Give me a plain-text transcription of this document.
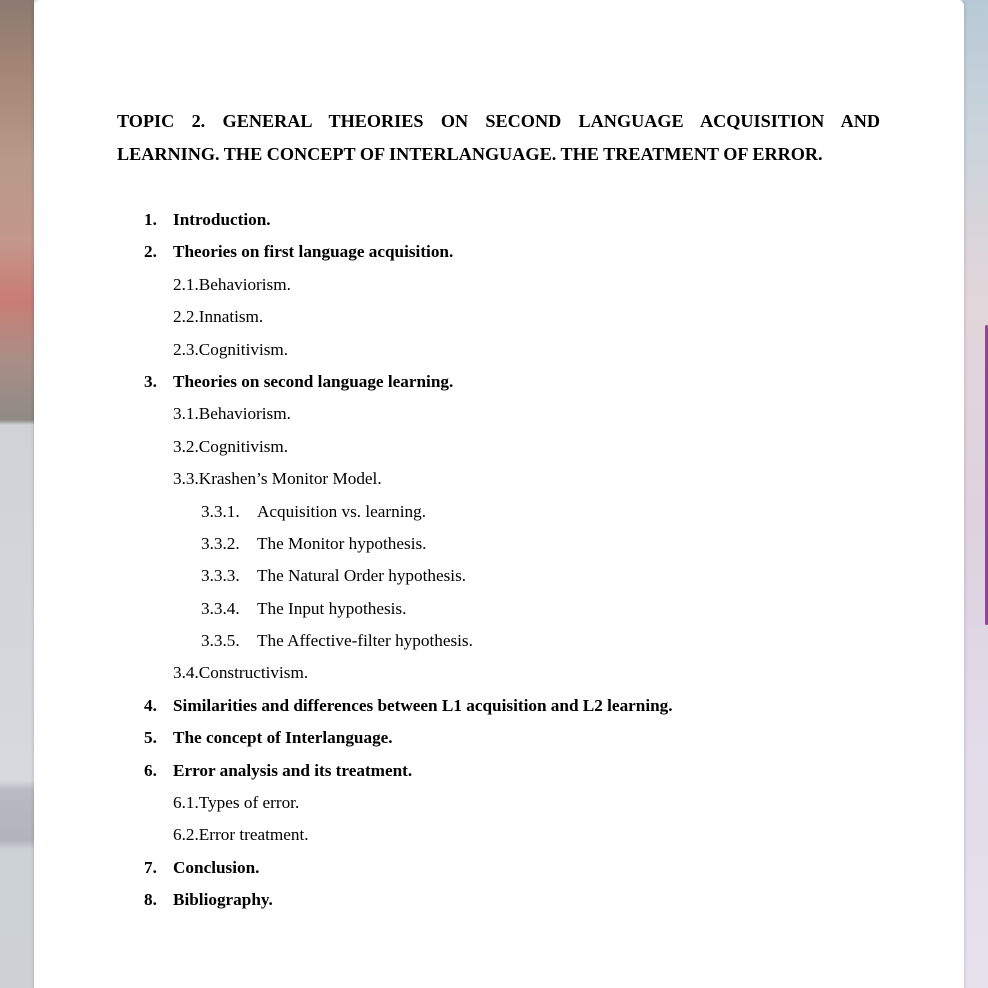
TOPIC 2. GENERAL THEORIES ON SECOND LANGUAGE ACQUISITION AND LEARNING. THE CONCEPT OF INTERLANGUAGE. THE TREATMENT OF ERROR.
1. Introduction.
2. Theories on first language acquisition.
2.1.Behaviorism.
2.2.Innatism.
2.3.Cognitivism.
3. Theories on second language learning.
3.1.Behaviorism.
3.2.Cognitivism.
3.3.Krashen’s Monitor Model.
3.3.1. Acquisition vs. learning.
3.3.2. The Monitor hypothesis.
3.3.3. The Natural Order hypothesis.
3.3.4. The Input hypothesis.
3.3.5. The Affective-filter hypothesis.
3.4.Constructivism.
4. Similarities and differences between L1 acquisition and L2 learning.
5. The concept of Interlanguage.
6. Error analysis and its treatment.
6.1.Types of error.
6.2.Error treatment.
7. Conclusion.
8. Bibliography.
